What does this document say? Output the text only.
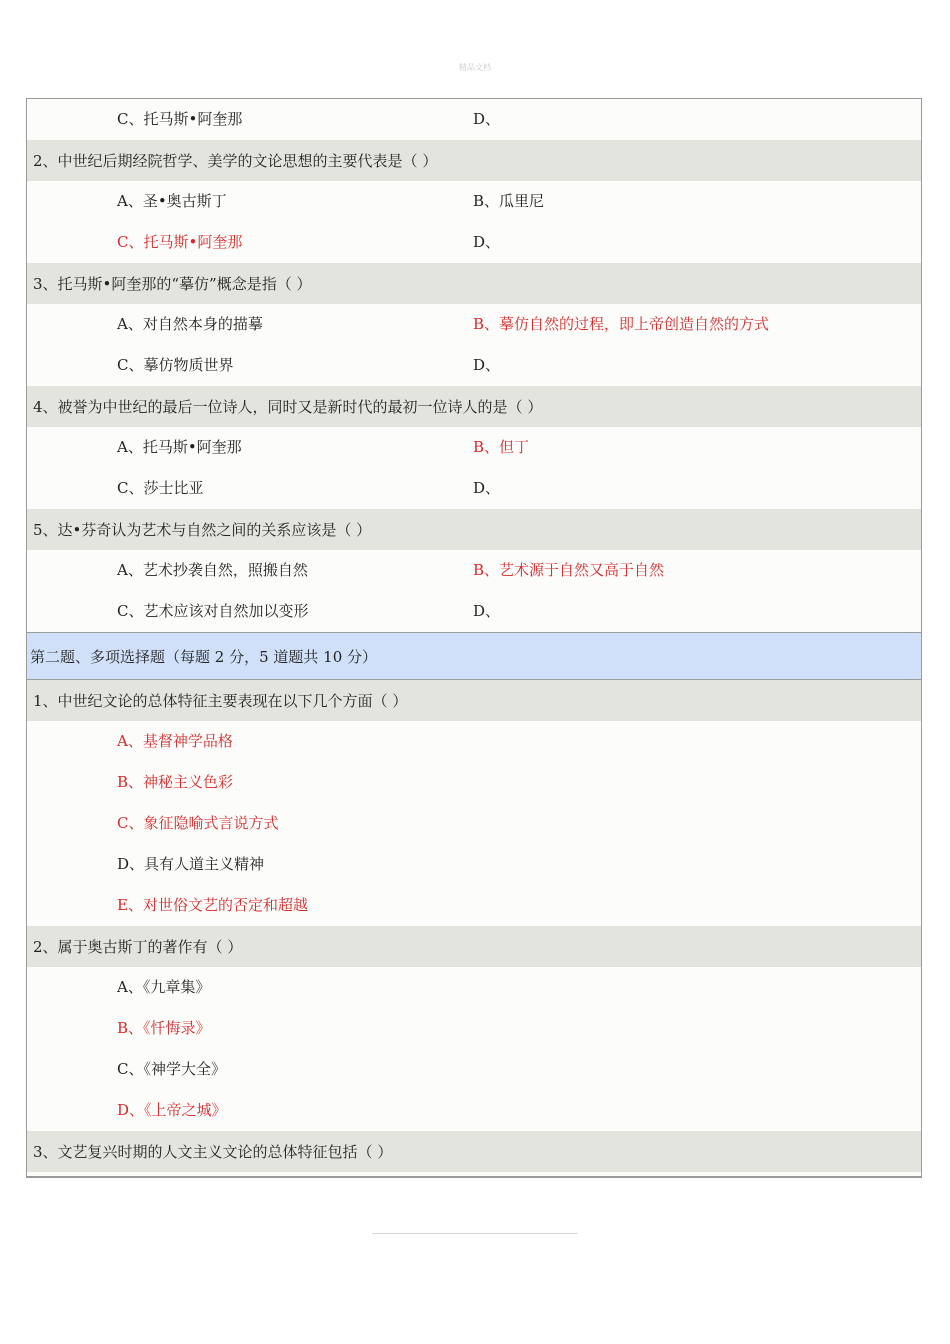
精品文档
C、托马斯•阿奎那	D、
2、中世纪后期经院哲学、美学的文论思想的主要代表是（ ）
A、圣•奥古斯丁	B、瓜里尼
C、托马斯•阿奎那	D、
3、托马斯•阿奎那的“摹仿”概念是指（ ）
A、对自然本身的描摹	B、摹仿自然的过程，即上帝创造自然的方式
C、摹仿物质世界	D、
4、被誉为中世纪的最后一位诗人，同时又是新时代的最初一位诗人的是（ ）
A、托马斯•阿奎那	B、但丁
C、莎士比亚	D、
5、达•芬奇认为艺术与自然之间的关系应该是（ ）
A、艺术抄袭自然，照搬自然	B、艺术源于自然又高于自然
C、艺术应该对自然加以变形	D、
第二题、多项选择题（每题 2 分，5 道题共 10 分）
1、中世纪文论的总体特征主要表现在以下几个方面（ ）
A、基督神学品格
B、神秘主义色彩
C、象征隐喻式言说方式
D、具有人道主义精神
E、对世俗文艺的否定和超越
2、属于奥古斯丁的著作有（ ）
A、《九章集》
B、《忏悔录》
C、《神学大全》
D、《上帝之城》
3、文艺复兴时期的人文主义文论的总体特征包括（ ）
